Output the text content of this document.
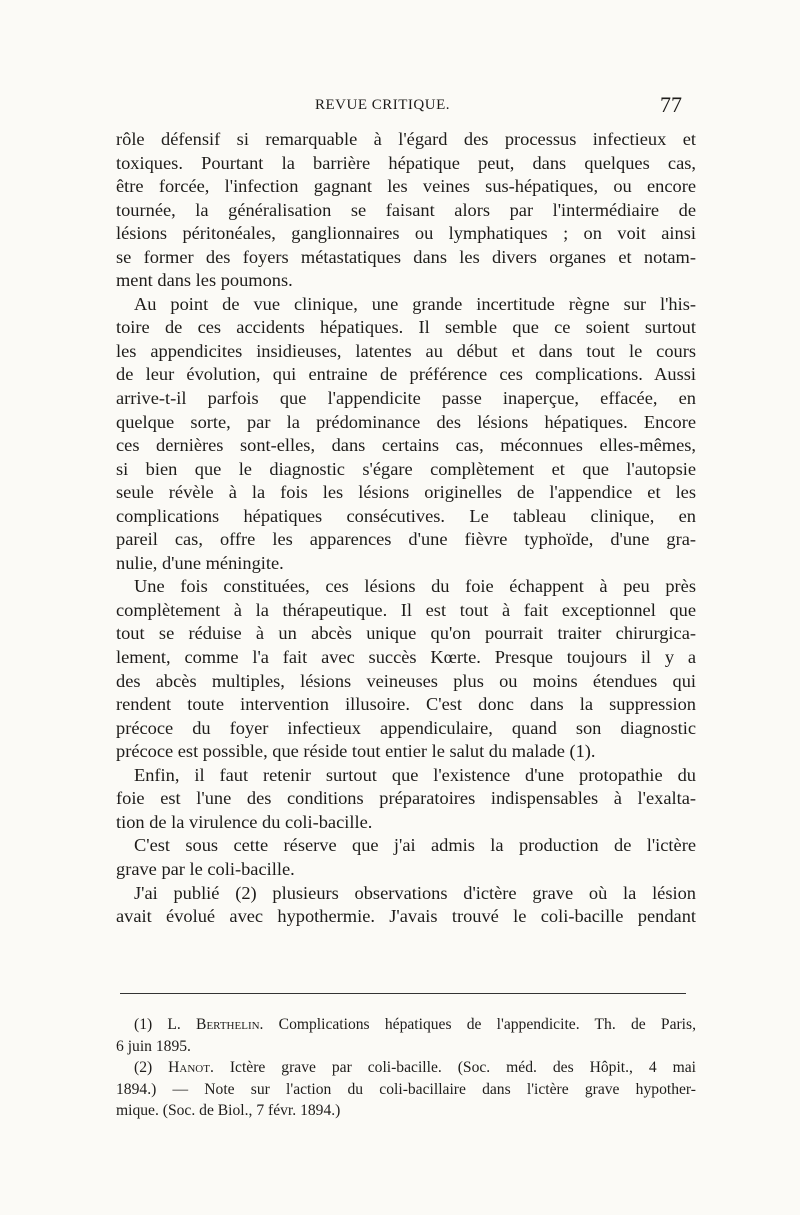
REVUE CRITIQUE.	77
rôle défensif si remarquable à l'égard des processus infectieux et
toxiques. Pourtant la barrière hépatique peut, dans quelques cas,
être forcée, l'infection gagnant les veines sus-hépatiques, ou encore
tournée, la généralisation se faisant alors par l'intermédiaire de
lésions péritonéales, ganglionnaires ou lymphatiques ; on voit ainsi
se former des foyers métastatiques dans les divers organes et notam-
ment dans les poumons.
Au point de vue clinique, une grande incertitude règne sur l'his-
toire de ces accidents hépatiques. Il semble que ce soient surtout
les appendicites insidieuses, latentes au début et dans tout le cours
de leur évolution, qui entraine de préférence ces complications. Aussi
arrive-t-il parfois que l'appendicite passe inaperçue, effacée, en
quelque sorte, par la prédominance des lésions hépatiques. Encore
ces dernières sont-elles, dans certains cas, méconnues elles-mêmes,
si bien que le diagnostic s'égare complètement et que l'autopsie
seule révèle à la fois les lésions originelles de l'appendice et les
complications hépatiques consécutives. Le tableau clinique, en
pareil cas, offre les apparences d'une fièvre typhoïde, d'une gra-
nulie, d'une méningite.
Une fois constituées, ces lésions du foie échappent à peu près
complètement à la thérapeutique. Il est tout à fait exceptionnel que
tout se réduise à un abcès unique qu'on pourrait traiter chirurgica-
lement, comme l'a fait avec succès Kœrte. Presque toujours il y a
des abcès multiples, lésions veineuses plus ou moins étendues qui
rendent toute intervention illusoire. C'est donc dans la suppression
précoce du foyer infectieux appendiculaire, quand son diagnostic
précoce est possible, que réside tout entier le salut du malade (1).
Enfin, il faut retenir surtout que l'existence d'une protopathie du
foie est l'une des conditions préparatoires indispensables à l'exalta-
tion de la virulence du coli-bacille.
C'est sous cette réserve que j'ai admis la production de l'ictère
grave par le coli-bacille.
J'ai publié (2) plusieurs observations d'ictère grave où la lésion
avait évolué avec hypothermie. J'avais trouvé le coli-bacille pendant
(1) L. Berthelin. Complications hépatiques de l'appendicite. Th. de Paris,
6 juin 1895.
(2) Hanot. Ictère grave par coli-bacille. (Soc. méd. des Hôpit., 4 mai
1894.) — Note sur l'action du coli-bacillaire dans l'ictère grave hypother-
mique. (Soc. de Biol., 7 févr. 1894.)
